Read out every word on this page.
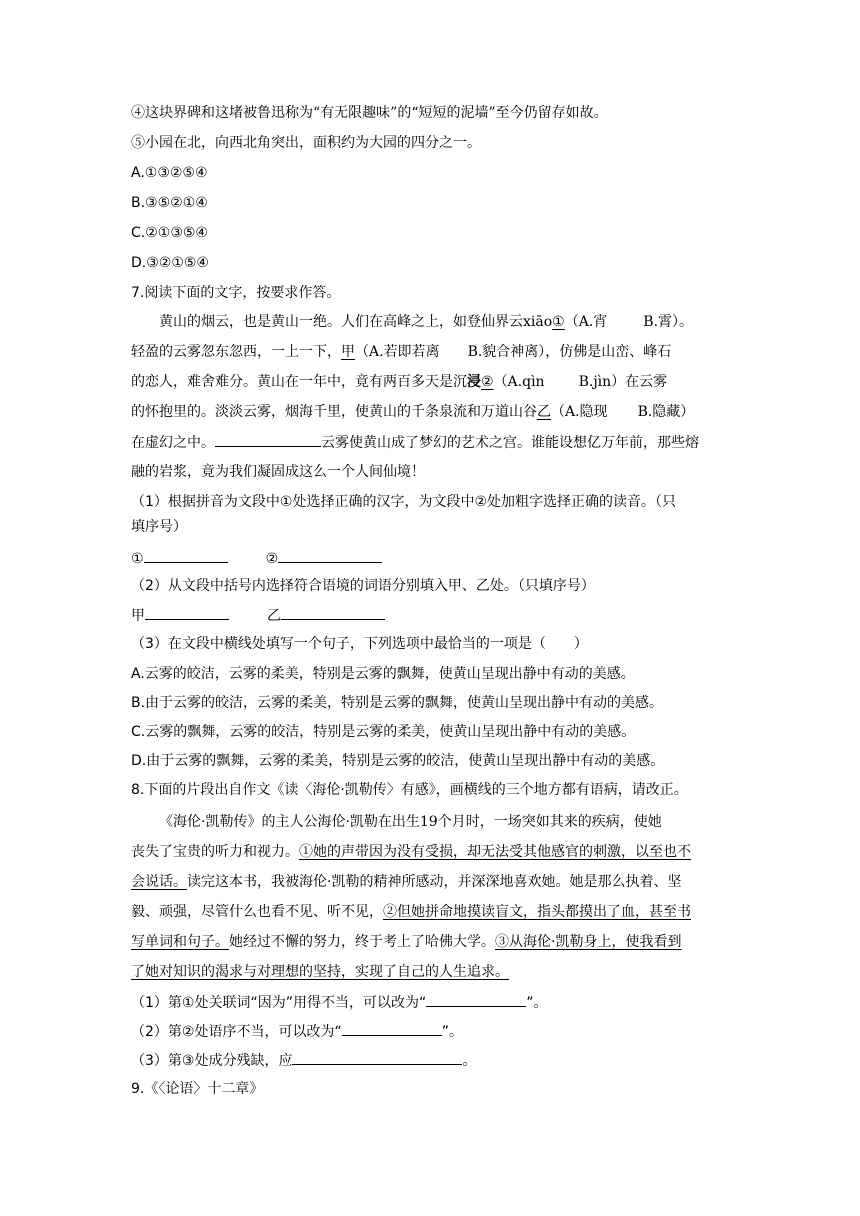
④这块界碑和这堵被鲁迅称为“有无限趣味”的“短短的泥墙”至今仍留存如故。
⑤小园在北，向西北角突出，面积约为大园的四分之一。
A.①③②⑤④
B.③⑤②①④
C.②①③⑤④
D.③②①⑤④
7.阅读下面的文字，按要求作答。
黄山的烟云，也是黄山一绝。人们在高峰之上，如登仙界云xiāo①（A.宵	B.霄）。
轻盈的云雾忽东忽西，一上一下，甲（A.若即若离 B.貌合神离），仿佛是山峦、峰石
的恋人，难舍难分。黄山在一年中，竟有两百多天是沉浸②（A.qìn B.jìn）在云雾
的怀抱里的。淡淡云雾，烟海千里，使黄山的千条泉流和万道山谷乙（A.隐现 B.隐藏）
在虚幻之中。	云雾使黄山成了梦幻的艺术之宫。谁能设想亿万年前，那些熔
融的岩浆，竟为我们凝固成这么一个人间仙境！
（1）根据拼音为文段中①处选择正确的汉字，为文段中②处加粗字选择正确的读音。（只
填序号）
①	②
（2）从文段中括号内选择符合语境的词语分别填入甲、乙处。（只填序号）
甲	乙
（3）在文段中横线处填写一个句子，下列选项中最恰当的一项是（　　）
A.云雾的皎洁，云雾的柔美，特别是云雾的飘舞，使黄山呈现出静中有动的美感。
B.由于云雾的皎洁，云雾的柔美，特别是云雾的飘舞，使黄山呈现出静中有动的美感。
C.云雾的飘舞，云雾的皎洁，特别是云雾的柔美，使黄山呈现出静中有动的美感。
D.由于云雾的飘舞，云雾的柔美，特别是云雾的皎洁，使黄山呈现出静中有动的美感。
8.下面的片段出自作文《读〈海伦·凯勒传〉有感》，画横线的三个地方都有语病，请改正。
《海伦·凯勒传》的主人公海伦·凯勒在出生19个月时，一场突如其来的疾病，使她
丧失了宝贵的听力和视力。①她的声带因为没有受损，却无法受其他感官的刺激，以至也不
会说话。读完这本书，我被海伦·凯勒的精神所感动，并深深地喜欢她。她是那么执着、坚
毅、顽强，尽管什么也看不见、听不见，②但她拼命地摸读盲文，指头都摸出了血，甚至书
写单词和句子。她经过不懈的努力，终于考上了哈佛大学。③从海伦·凯勒身上，使我看到
了她对知识的渴求与对理想的坚持，实现了自己的人生追求。
（1）第①处关联词“因为”用得不当，可以改为“	”。
（2）第②处语序不当，可以改为“	”。
（3）第③处成分残缺，应	。
9.《〈论语〉十二章》
